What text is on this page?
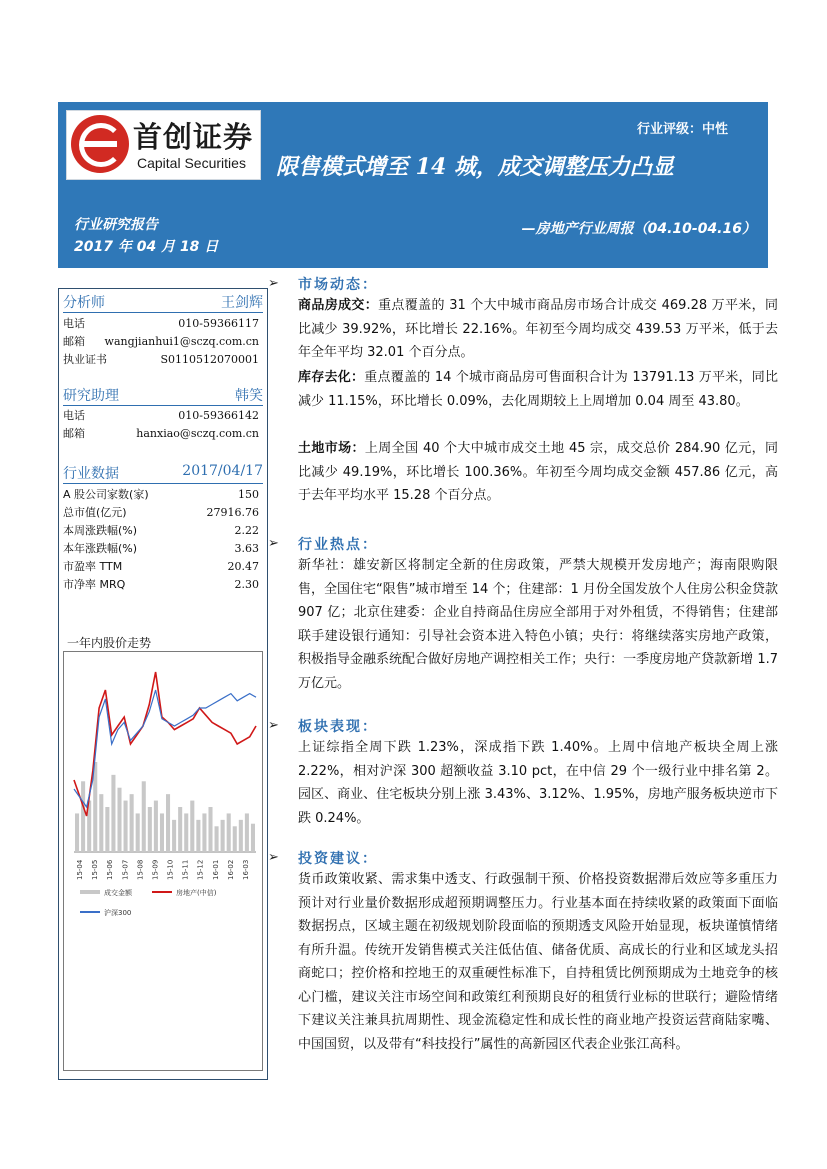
首创证券
Capital Securities
行业评级：中性
限售模式增至 14 城，成交调整压力凸显
行业研究报告
2017 年 04 月 18 日
—房地产行业周报（04.10-04.16）
分析师	王剑辉
电话	010-59366117
邮箱 wangjianhui1@sczq.com.cn
执业证书	S0110512070001
研究助理	韩笑
电话	010-59366142
邮箱	hanxiao@sczq.com.cn
行业数据	2017/04/17
A 股公司家数(家)	150
总市值(亿元)	27916.76
本周涨跌幅(%)	2.22
本年涨跌幅(%)	3.63
市盈率 TTM	20.47
市净率 MRQ	2.30
一年内股价走势
15-04 15-05 15-06 15-07 15-08 15-09 15-10 15-11 15-12 16-01 16-02 16-03
成交金额	房地产(中信)
沪深300
➢ 市场动态：
商品房成交：重点覆盖的 31 个大中城市商品房市场合计成交 469.28 万平米，同比减少 39.92%，环比增长 22.16%。年初至今周均成交 439.53 万平米，低于去年全年平均 32.01 个百分点。
库存去化：重点覆盖的 14 个城市商品房可售面积合计为 13791.13 万平米，同比减少 11.15%，环比增长 0.09%，去化周期较上上周增加 0.04 周至 43.80。
土地市场：上周全国 40 个大中城市成交土地 45 宗，成交总价 284.90 亿元，同比减少 49.19%，环比增长 100.36%。年初至今周均成交金额 457.86 亿元，高于去年平均水平 15.28 个百分点。
➢ 行业热点：
新华社：雄安新区将制定全新的住房政策，严禁大规模开发房地产；海南限购限售，全国住宅“限售”城市增至 14 个；住建部：1 月份全国发放个人住房公积金贷款 907 亿；北京住建委：企业自持商品住房应全部用于对外租赁，不得销售；住建部联手建设银行通知：引导社会资本进入特色小镇；央行：将继续落实房地产政策，积极指导金融系统配合做好房地产调控相关工作；央行：一季度房地产贷款新增 1.7 万亿元。
➢ 板块表现：
上证综指全周下跌 1.23%，深成指下跌 1.40%。上周中信地产板块全周上涨 2.22%，相对沪深 300 超额收益 3.10 pct，在中信 29 个一级行业中排名第 2。园区、商业、住宅板块分别上涨 3.43%、3.12%、1.95%，房地产服务板块逆市下跌 0.24%。
➢ 投资建议：
货币政策收紧、需求集中透支、行政强制干预、价格投资数据滞后效应等多重压力预计对行业量价数据形成超预期调整压力。行业基本面在持续收紧的政策面下面临数据拐点，区域主题在初级规划阶段面临的预期透支风险开始显现，板块谨慎情绪有所升温。传统开发销售模式关注低估值、储备优质、高成长的行业和区域龙头招商蛇口；控价格和控地王的双重硬性标准下，自持租赁比例预期成为土地竞争的核心门槛，建议关注市场空间和政策红利预期良好的租赁行业标的世联行；避险情绪下建议关注兼具抗周期性、现金流稳定性和成长性的商业地产投资运营商陆家嘴、中国国贸，以及带有“科技投行”属性的高新园区代表企业张江高科。
